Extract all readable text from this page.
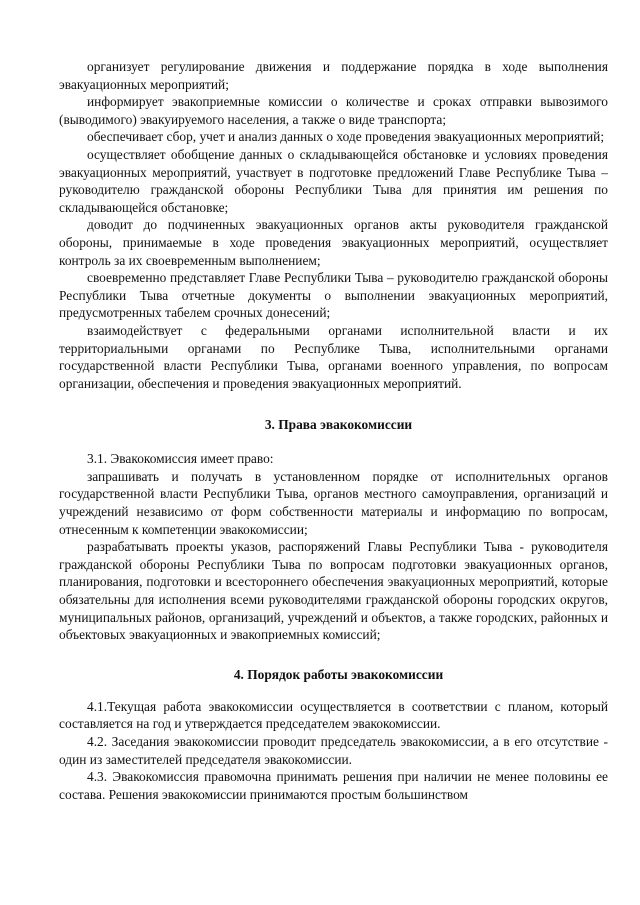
организует регулирование движения и поддержание порядка в ходе выполнения эвакуационных мероприятий;

информирует эвакоприемные комиссии о количестве и сроках отправки вывозимого (выводимого) эвакуируемого населения, а также о виде транспорта;

обеспечивает сбор, учет и анализ данных о ходе проведения эвакуационных мероприятий;

осуществляет обобщение данных о складывающейся обстановке и условиях проведения эвакуационных мероприятий, участвует в подготовке предложений Главе Республике Тыва – руководителю гражданской обороны Республики Тыва для принятия им решения по складывающейся обстановке;

доводит до подчиненных эвакуационных органов акты руководителя гражданской обороны, принимаемые в ходе проведения эвакуационных мероприятий, осуществляет контроль за их своевременным выполнением;

своевременно представляет Главе Республики Тыва – руководителю гражданской обороны Республики Тыва отчетные документы о выполнении эвакуационных мероприятий, предусмотренных табелем срочных донесений;

взаимодействует с федеральными органами исполнительной власти и их территориальными органами по Республике Тыва, исполнительными органами государственной власти Республики Тыва, органами военного управления, по вопросам организации, обеспечения и проведения эвакуационных мероприятий.

3. Права эвакокомиссии

3.1. Эвакокомиссия имеет право:

запрашивать и получать в установленном порядке от исполнительных органов государственной власти Республики Тыва, органов местного самоуправления, организаций и учреждений независимо от форм собственности материалы и информацию по вопросам, отнесенным к компетенции эвакокомиссии;

разрабатывать проекты указов, распоряжений Главы Республики Тыва - руководителя гражданской обороны Республики Тыва по вопросам подготовки эвакуационных органов, планирования, подготовки и всестороннего обеспечения эвакуационных мероприятий, которые обязательны для исполнения всеми руководителями гражданской обороны городских округов, муниципальных районов, организаций, учреждений и объектов, а также городских, районных и объектовых эвакуационных и эвакоприемных комиссий;

4. Порядок работы эвакокомиссии

4.1.Текущая работа эвакокомиссии осуществляется в соответствии с планом, который составляется на год и утверждается председателем эвакокомиссии.

4.2. Заседания эвакокомиссии проводит председатель эвакокомиссии, а в его отсутствие - один из заместителей председателя эвакокомиссии.

4.3. Эвакокомиссия правомочна принимать решения при наличии не менее половины ее состава. Решения эвакокомиссии принимаются простым большинством
